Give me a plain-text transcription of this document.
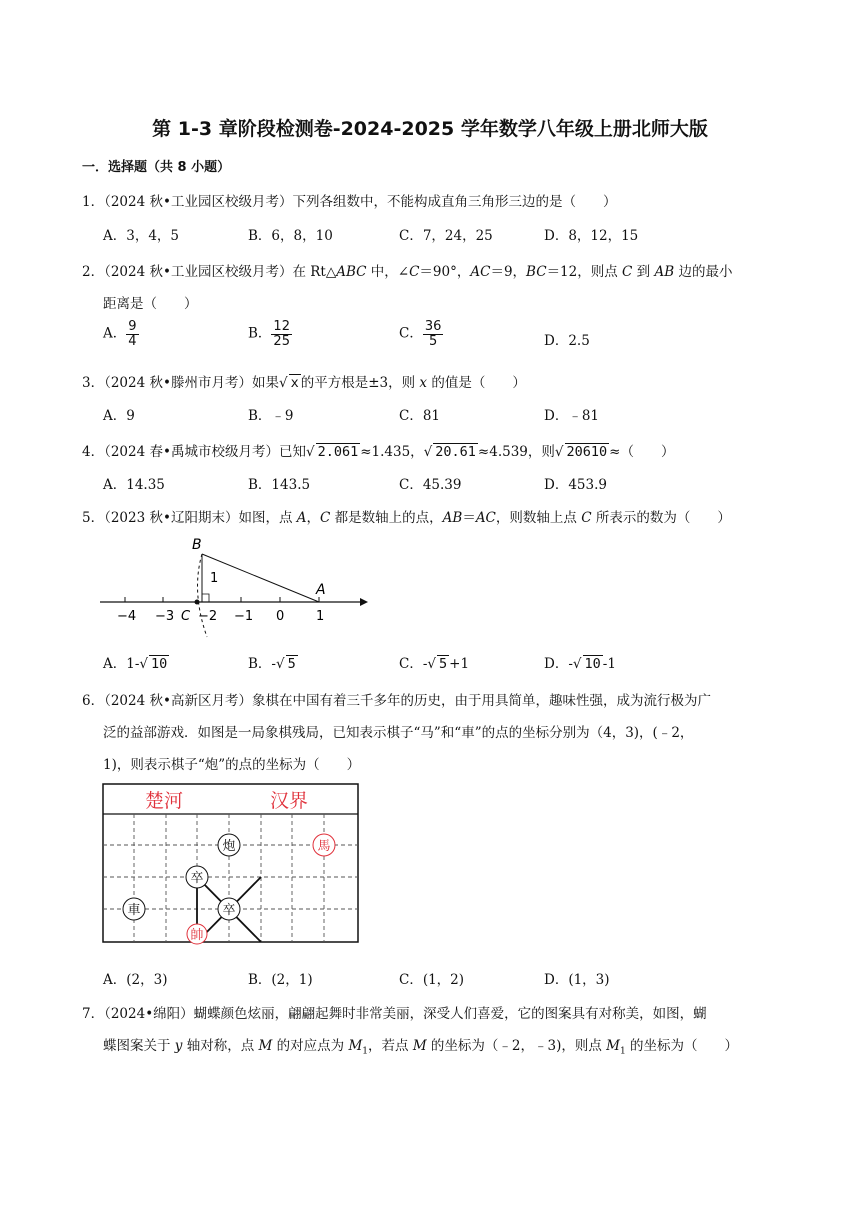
第 1-3 章阶段检测卷-2024-2025 学年数学八年级上册北师大版
一．选择题（共 8 小题）
1．（2024 秋•工业园区校级月考）下列各组数中，不能构成直角三角形三边的是（　　）
A．3，4，5	B．6，8，10	C．7，24，25	D．8，12，15
2．（2024 秋•工业园区校级月考）在 Rt△ABC 中，∠C＝90°，AC＝9，BC＝12，则点 C 到 AB 边的最小
距离是（　　）
A． $\frac{9}{4}$	B． $\frac{12}{25}$	C． $\frac{36}{5}$	D．2.5
3．（2024 秋•滕州市月考）如果√ x 的平方根是±3，则 x 的值是（　　）
A．9	B．﹣9	C．81	D．﹣81
4．（2024 春•禹城市校级月考）已知√ 2.061 ≈1.435，√ 20.61 ≈4.539，则√ 20610 ≈（　　）
A．14.35	B．143.5	C．45.39	D．453.9
5．（2023 秋•辽阳期末）如图，点 A，C 都是数轴上的点，AB＝AC，则数轴上点 C 所表示的数为（　　）
−4 −3 −2 −1 0 1
B
A
C
1
A．1-√ 10	B．-√ 5	C．-√ 5 +1	D．-√ 10 -1
6．（2024 秋•高新区月考）象棋在中国有着三千多年的历史，由于用具简单，趣味性强，成为流行极为广
泛的益部游戏．如图是一局象棋残局，已知表示棋子“马”和“車”的点的坐标分别为（4，3)，(﹣2，
1)，则表示棋子“炮”的点的坐标为（　　）
楚河	汉界
炮	馬
卒
卒
車
帥
A．(2，3)	B．(2，1)	C．(1，2)	D．(1，3)
7．（2024•绵阳）蝴蝶颜色炫丽，翩翩起舞时非常美丽，深受人们喜爱，它的图案具有对称美，如图，蝴
蝶图案关于 y 轴对称，点 M 的对应点为 $M_1$，若点 M 的坐标为（﹣2，﹣3)，则点 $M_1$ 的坐标为（　　）
